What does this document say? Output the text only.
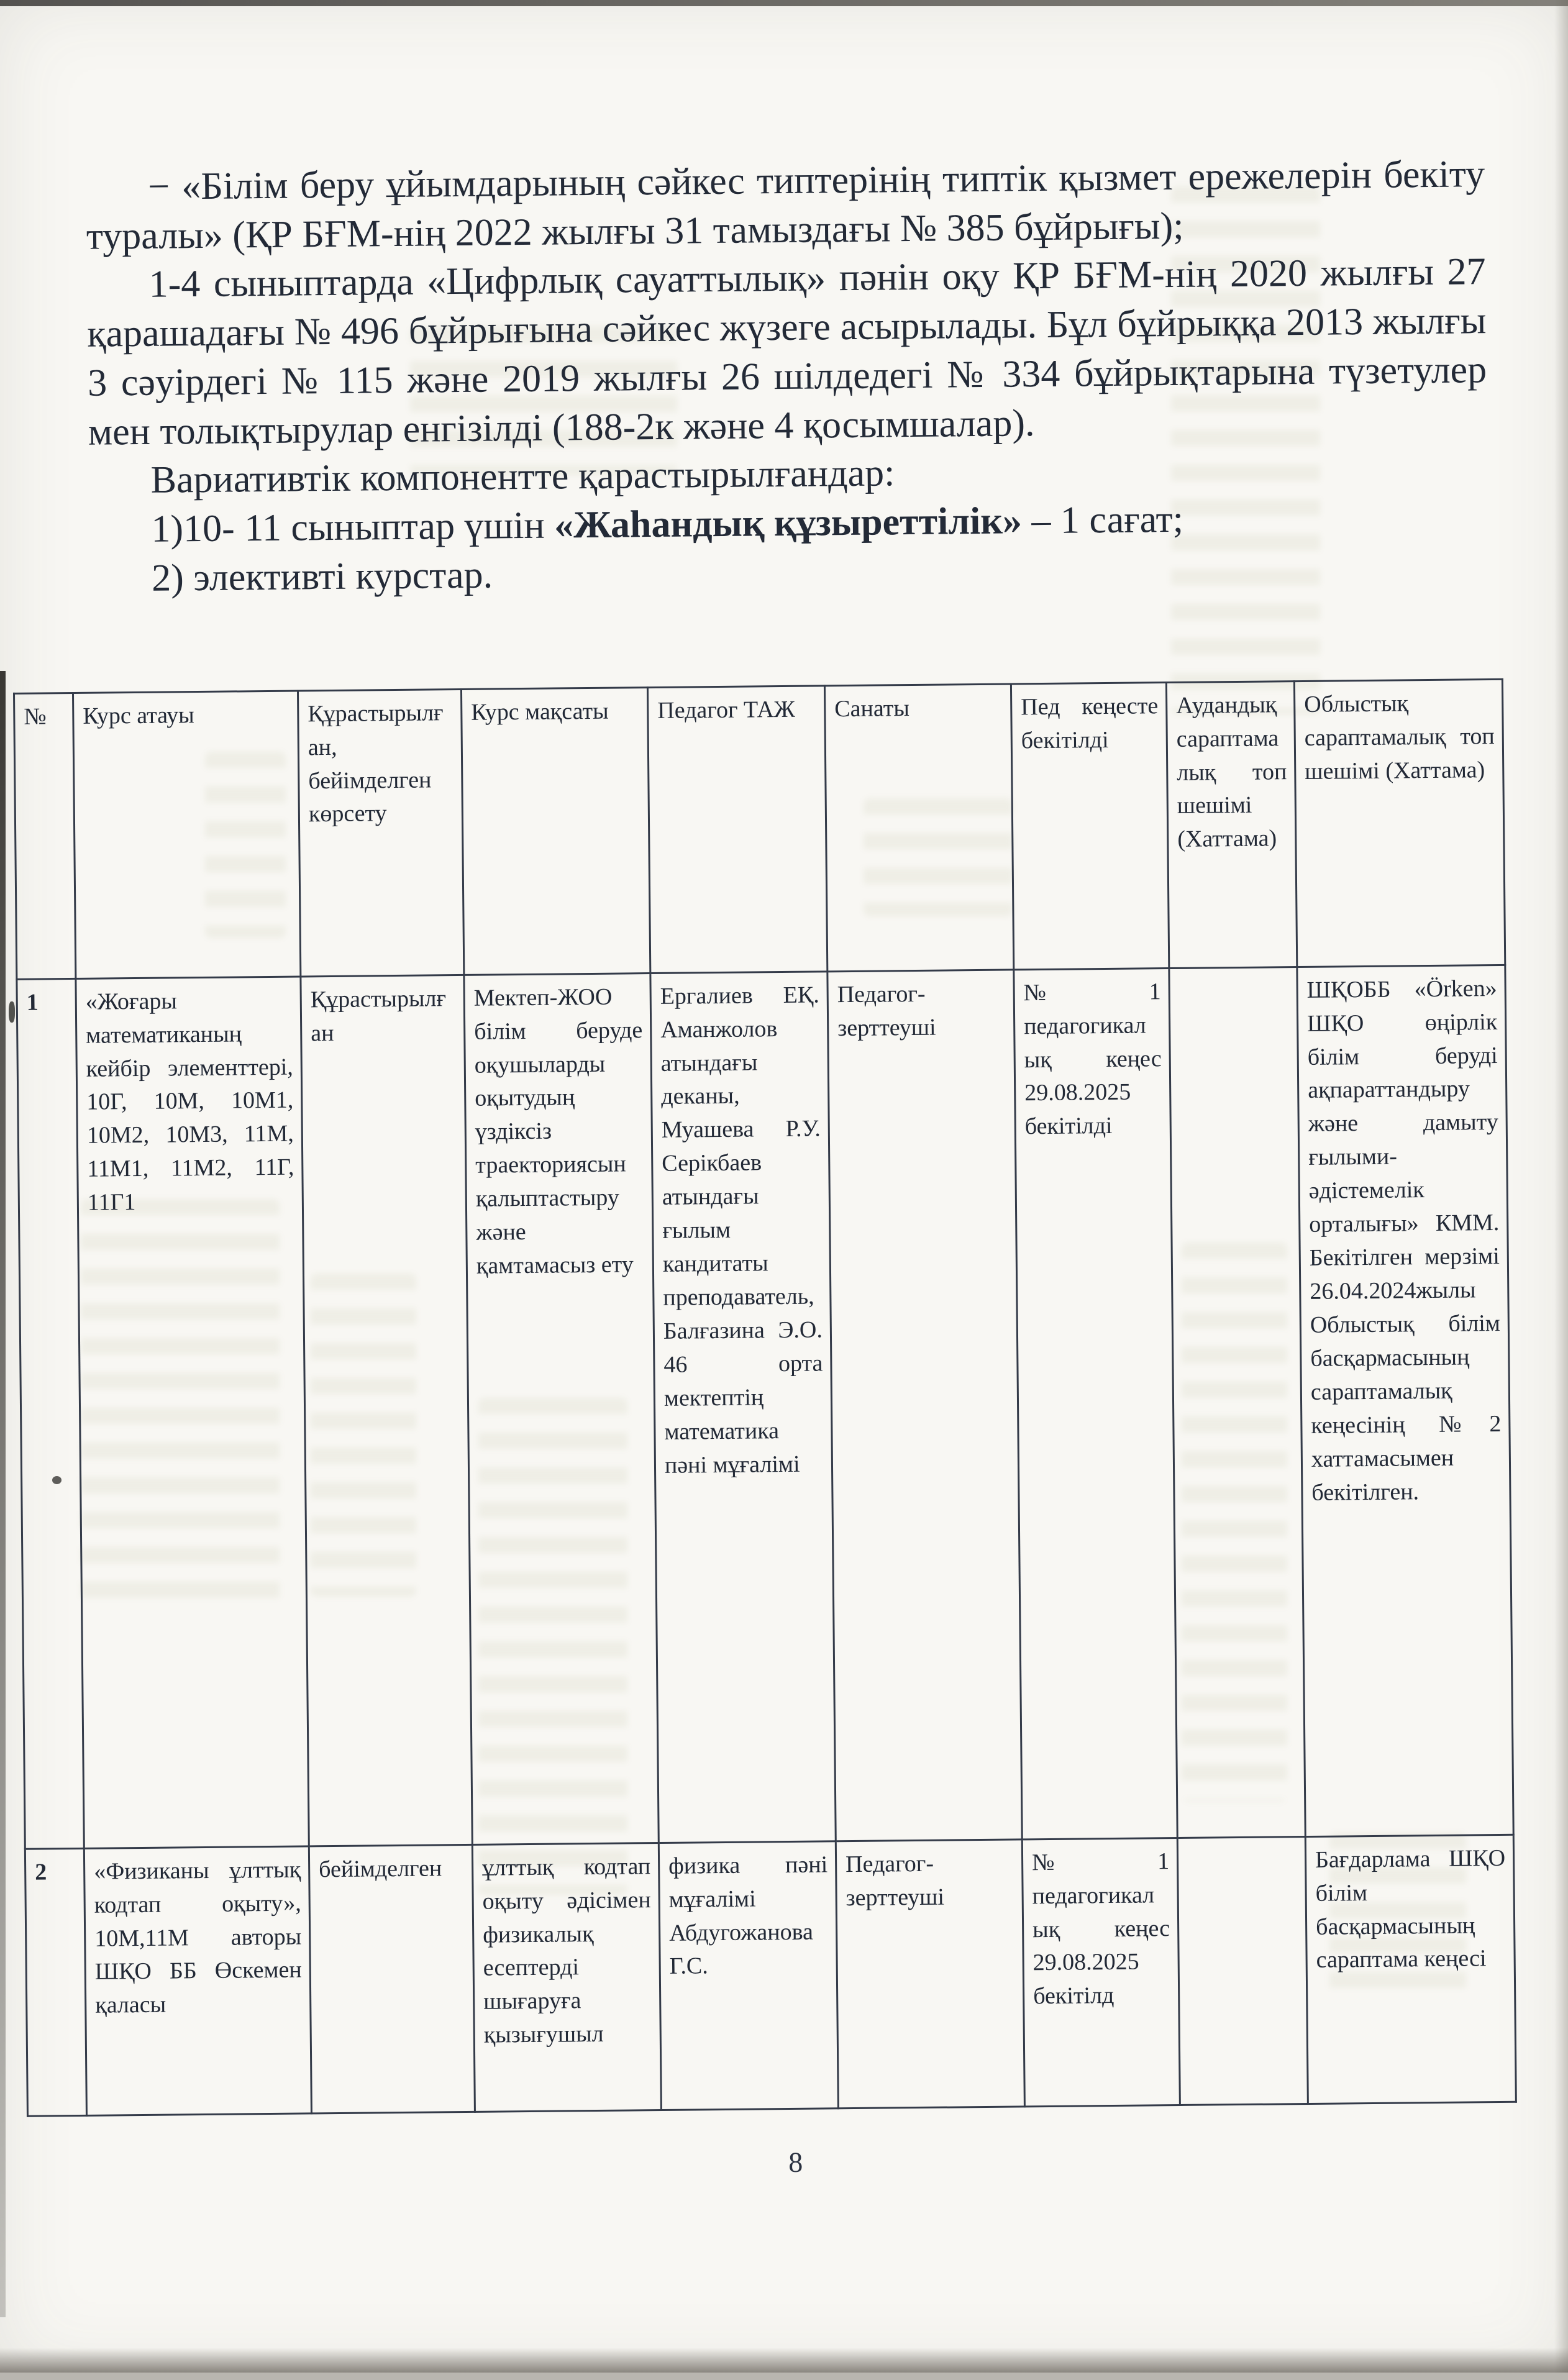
− «Білім беру ұйымдарының сәйкес типтерінің типтік қызмет ережелерін бекіту туралы» (ҚР БҒМ-нің 2022 жылғы 31 тамыздағы № 385 бұйрығы);

1-4 сыныптарда «Цифрлық сауаттылық» пәнін оқу ҚР БҒМ-нің 2020 жылғы 27 қарашадағы № 496 бұйрығына сәйкес жүзеге асырылады. Бұл бұйрыққа 2013 жылғы 3 сәуірдегі № 115 және 2019 жылғы 26 шілдедегі № 334 бұйрықтарына түзетулер мен толықтырулар енгізілді (188-2к және 4 қосымшалар).

Вариативтік компонентте қарастырылғандар:

1)10- 11 сыныптар үшін «Жаһандық құзыреттілік» – 1 сағат;

2) элективті курстар.

№	Курс атауы	Құрастырылған, бейімделген көрсету	Курс мақсаты	Педагог ТАЖ	Санаты	Пед кеңесте бекітілді	Аудандық сараптамалық топ шешімі (Хаттама)	Облыстық сараптамалық топ шешімі (Хаттама)
1	«Жоғары математиканың кейбір элементтері, 10Г, 10М, 10М1, 10М2, 10М3, 11М, 11М1, 11М2, 11Г, 11Г1	Құрастырылған	Мектеп-ЖОО білім беруде оқушыларды оқытудың үздіксіз траекториясын қалыптастыру және қамтамасыз ету	Ергалиев ЕҚ. Аманжолов атындағы деканы, Муашева Р.У. Серікбаев атындағы ғылым кандитаты преподаватель, Балғазина Э.О. 46 орта мектептің математика пәні мұғалімі	Педагог-зерттеуші	№1 педагогикалық кеңес 29.08.2025 бекітілді		ШҚОББ «Örken» ШҚО өңірлік білім беруді ақпараттандыру және дамыту ғылыми-әдістемелік орталығы» КММ. Бекітілген мерзімі 26.04.2024жылы Облыстық білім басқармасының сараптамалық кеңесінің №2 хаттамасымен бекітілген.
2	«Физиканы ұлттық кодтап оқыту», 10М,11М авторы ШҚО ББ Өскемен қаласы	бейімделген	ұлттық кодтап оқыту әдісімен физикалық есептерді шығаруға қызығушыл	физика пәні мұғалімі Абдугожанова Г.С.	Педагог-зерттеуші	№1 педагогикалық кеңес 29.08.2025 бекітілд		Бағдарлама ШҚО білім басқармасының сараптама кеңесі
8
